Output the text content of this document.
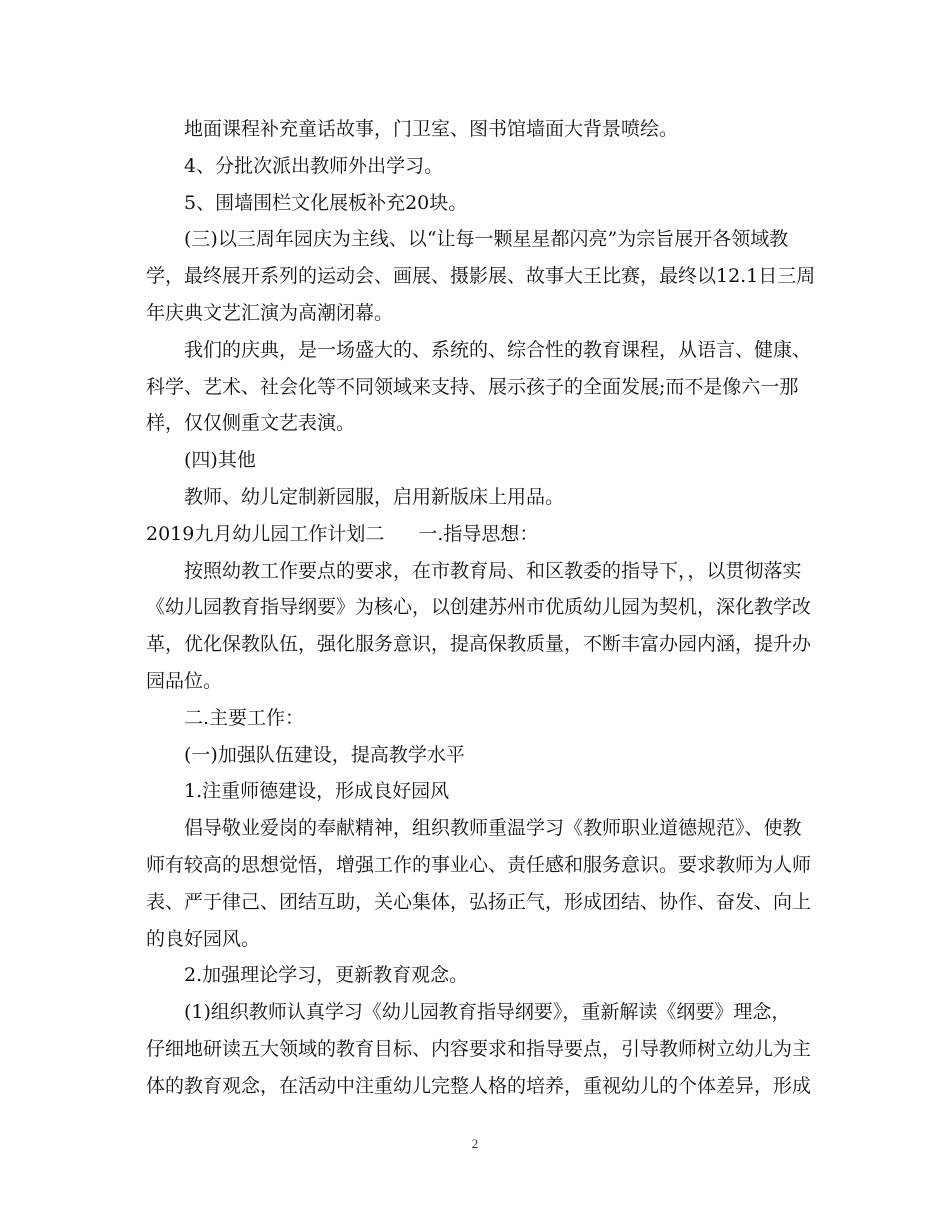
地面课程补充童话故事，门卫室、图书馆墙面大背景喷绘。
4、分批次派出教师外出学习。
5、围墙围栏文化展板补充20块。
(三)以三周年园庆为主线、以“让每一颗星星都闪亮”为宗旨展开各领域教
学，最终展开系列的运动会、画展、摄影展、故事大王比赛，最终以12.1日三周
年庆典文艺汇演为高潮闭幕。
我们的庆典，是一场盛大的、系统的、综合性的教育课程，从语言、健康、
科学、艺术、社会化等不同领域来支持、展示孩子的全面发展;而不是像六一那
样，仅仅侧重文艺表演。
(四)其他
教师、幼儿定制新园服，启用新版床上用品。
2019九月幼儿园工作计划二 一.指导思想：
按照幼教工作要点的要求，在市教育局、和区教委的指导下，，以贯彻落实
《幼儿园教育指导纲要》为核心，以创建苏州市优质幼儿园为契机，深化教学改
革，优化保教队伍，强化服务意识，提高保教质量，不断丰富办园内涵，提升办
园品位。
二.主要工作：
(一)加强队伍建设，提高教学水平
1.注重师德建设，形成良好园风
倡导敬业爱岗的奉献精神，组织教师重温学习《教师职业道德规范》、使教
师有较高的思想觉悟，增强工作的事业心、责任感和服务意识。要求教师为人师
表、严于律己、团结互助，关心集体，弘扬正气，形成团结、协作、奋发、向上
的良好园风。
2.加强理论学习，更新教育观念。
(1)组织教师认真学习《幼儿园教育指导纲要》，重新解读《纲要》理念，
仔细地研读五大领域的教育目标、内容要求和指导要点，引导教师树立幼儿为主
体的教育观念，在活动中注重幼儿完整人格的培养，重视幼儿的个体差异，形成
2
